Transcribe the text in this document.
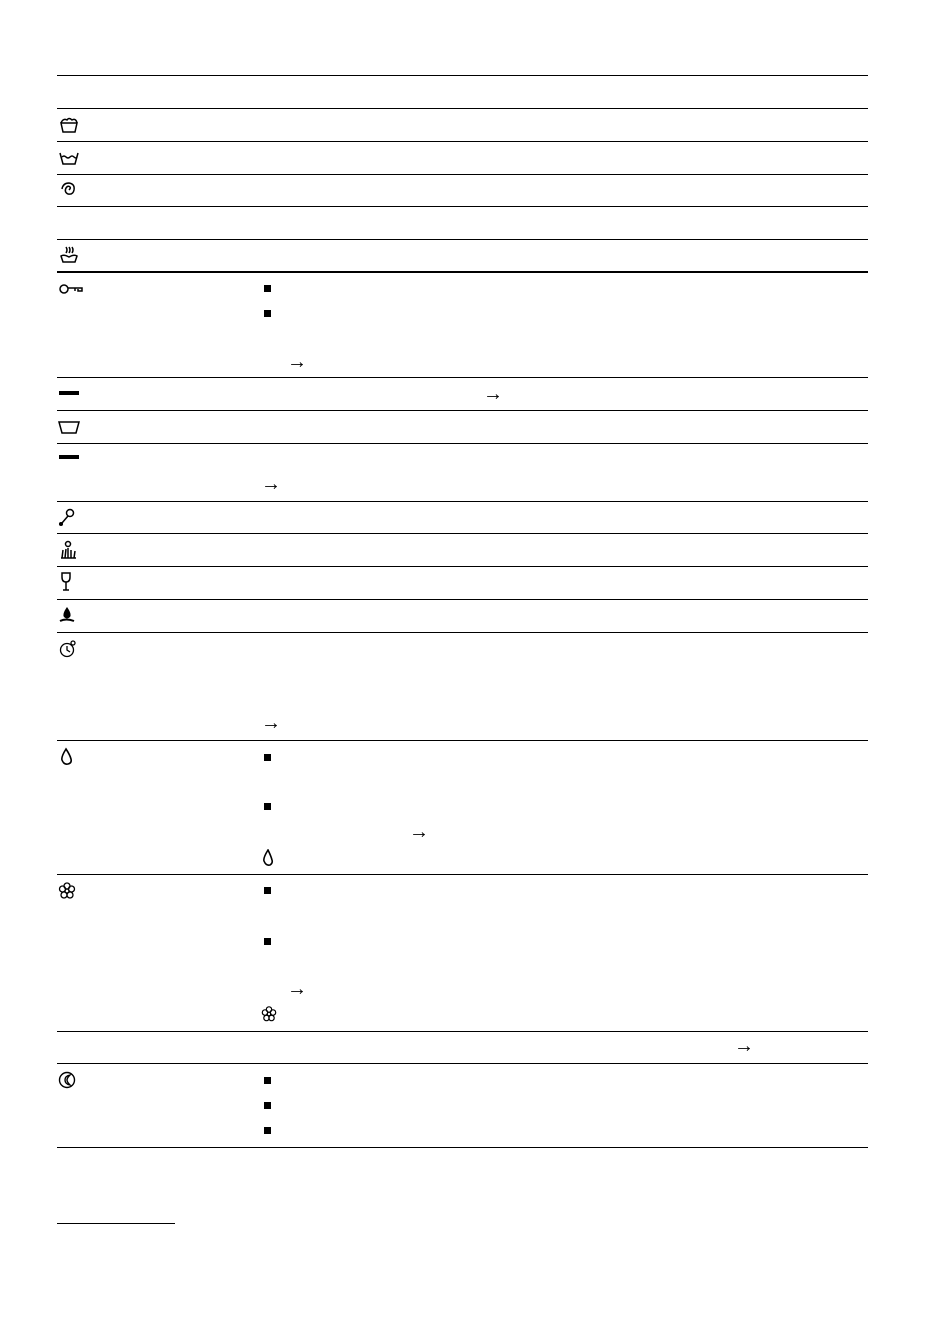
→
→
→
→
→
→
→
